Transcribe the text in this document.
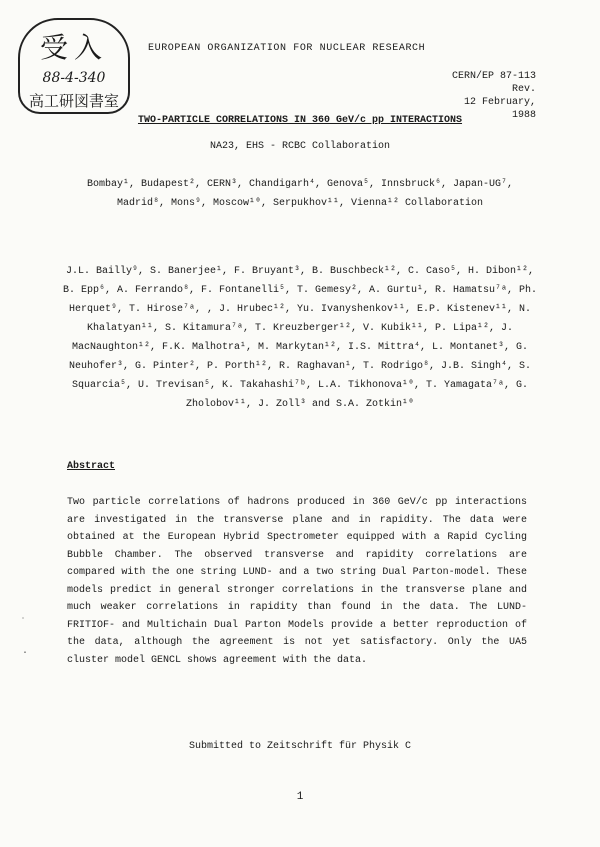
受入
88-4-340
高工研図書室
EUROPEAN ORGANIZATION FOR NUCLEAR RESEARCH
CERN/EP 87-113 Rev.
12 February, 1988
TWO-PARTICLE CORRELATIONS IN 360 GeV/c pp INTERACTIONS
NA23, EHS - RCBC Collaboration
Bombay¹, Budapest², CERN³, Chandigarh⁴, Genova⁵, Innsbruck⁶, Japan-UG⁷, Madrid⁸, Mons⁹, Moscow¹⁰, Serpukhov¹¹, Vienna¹² Collaboration
J.L. Bailly⁹, S. Banerjee¹, F. Bruyant³, B. Buschbeck¹², C. Caso⁵, H. Dibon¹², B. Epp⁶, A. Ferrando⁸, F. Fontanelli⁵, T. Gemesy², A. Gurtu¹, R. Hamatsu⁷ᵃ, Ph. Herquet⁹, T. Hirose⁷ᵃ, , J. Hrubec¹², Yu. Ivanyshenkov¹¹, E.P. Kistenev¹¹, N. Khalatyan¹¹, S. Kitamura⁷ᵃ, T. Kreuzberger¹², V. Kubik¹¹, P. Lipa¹², J. MacNaughton¹², F.K. Malhotra¹, M. Markytan¹², I.S. Mittra⁴, L. Montanet³, G. Neuhofer³, G. Pinter², P. Porth¹², R. Raghavan¹, T. Rodrigo⁸, J.B. Singh⁴, S. Squarcia⁵, U. Trevisan⁵, K. Takahashi⁷ᵇ, L.A. Tikhonova¹⁰, T. Yamagata⁷ᵃ, G. Zholobov¹¹, J. Zoll³ and S.A. Zotkin¹⁰
Abstract
Two particle correlations of hadrons produced in 360 GeV/c pp interactions are investigated in the transverse plane and in rapidity. The data were obtained at the European Hybrid Spectrometer equipped with a Rapid Cycling Bubble Chamber. The observed transverse and rapidity correlations are compared with the one string LUND- and a two string Dual Parton-model. These models predict in general stronger correlations in the transverse plane and much weaker correlations in rapidity than found in the data. The LUND-FRITIOF- and Multichain Dual Parton Models provide a better reproduction of the data, although the agreement is not yet satisfactory. Only the UA5 cluster model GENCL shows agreement with the data.
˙
·
Submitted to Zeitschrift für Physik C
1
